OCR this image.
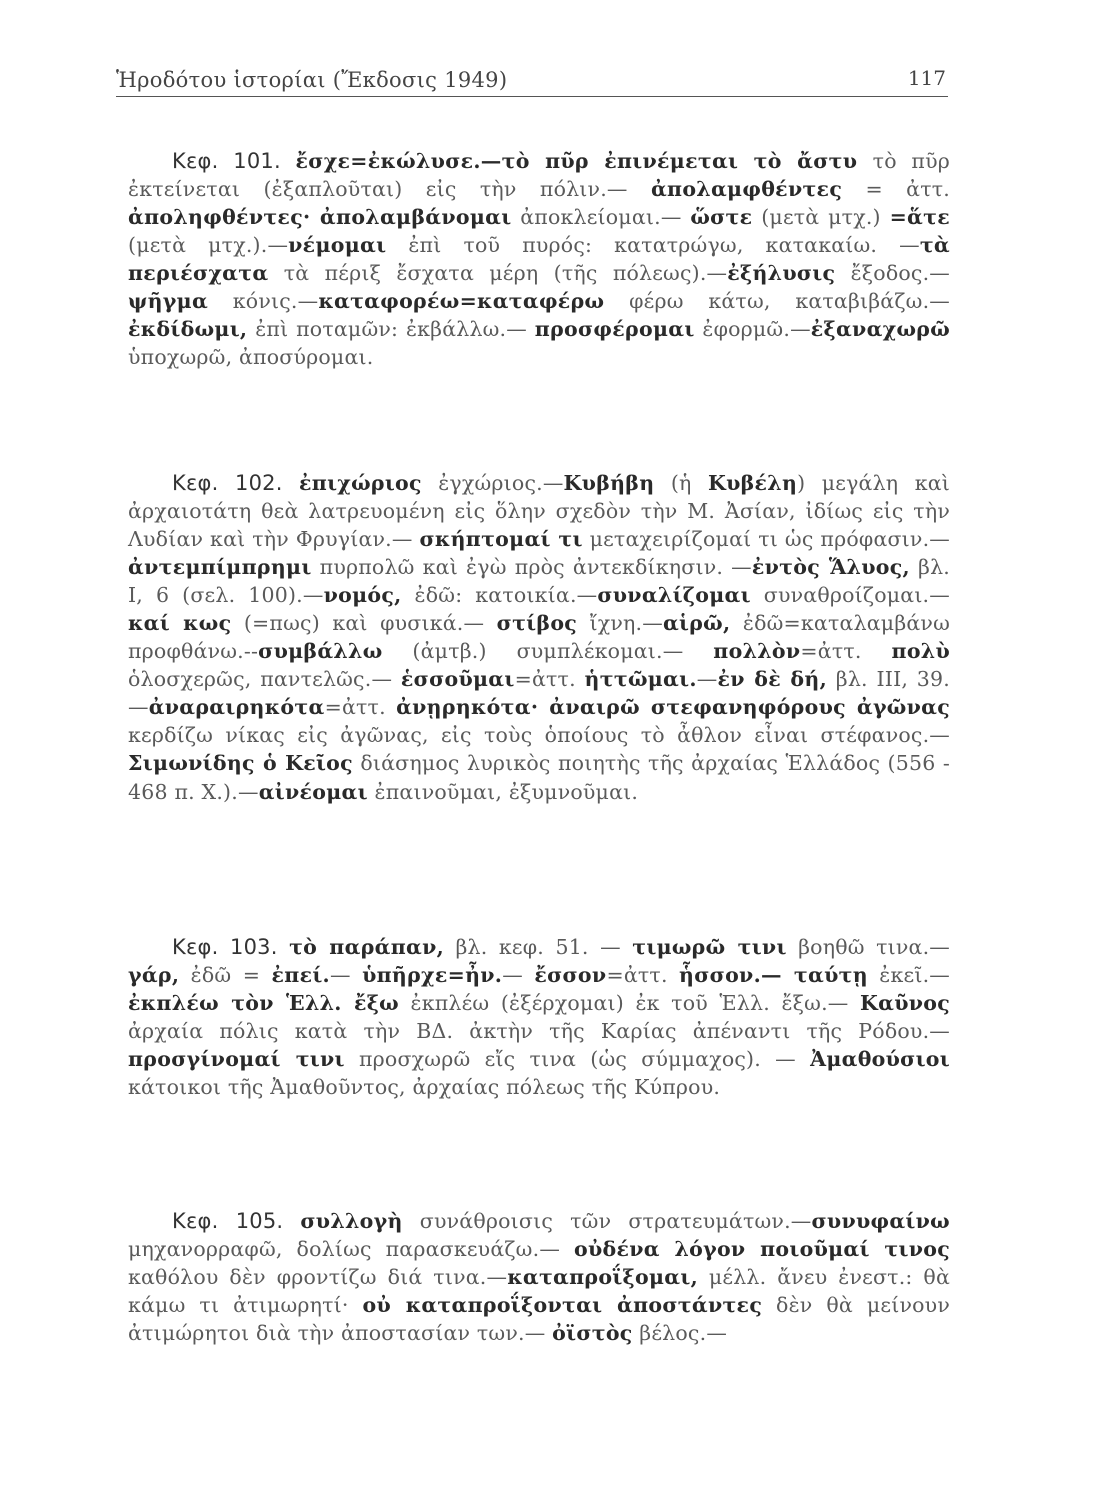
Ἡροδότου ἱστορίαι (Ἔκδοσις 1949)	117

Κεφ. 101. ἔσχε=ἐκώλυσε.—τὸ πῦρ ἐπινέμεται τὸ ἄστυ τὸ πῦρ ἐκτείνεται (ἐξαπλοῦται) εἰς τὴν πόλιν.— ἀπολαμφθέντες = ἀττ. ἀποληφθέντες· ἀπολαμβάνομαι ἀποκλείομαι.— ὥστε (μετὰ μτχ.) =ἅτε (μετὰ μτχ.).—νέμομαι ἐπὶ τοῦ πυρός: κατατρώγω, κατακαίω. —τὰ περιέσχατα τὰ πέριξ ἔσχατα μέρη (τῆς πόλεως).—ἐξήλυσις ἔξοδος.—ψῆγμα κόνις.—καταφορέω=καταφέρω φέρω κάτω, καταβιβάζω.— ἐκδίδωμι, ἐπὶ ποταμῶν: ἐκβάλλω.— προσφέρομαι ἐφορμῶ.—ἐξαναχωρῶ ὑποχωρῶ, ἀποσύρομαι.

Κεφ. 102. ἐπιχώριος ἐγχώριος.—Κυβήβη (ἡ Κυβέλη) μεγάλη καὶ ἀρχαιοτάτη θεὰ λατρευομένη εἰς ὅλην σχεδὸν τὴν Μ. Ἀσίαν, ἰδίως εἰς τὴν Λυδίαν καὶ τὴν Φρυγίαν.— σκήπτομαί τι μεταχειρίζομαί τι ὡς πρόφασιν.—ἀντεμπίμπρημι πυρπολῶ καὶ ἐγὼ πρὸς ἀντεκδίκησιν. —ἐντὸς Ἅλυος, βλ. I, 6 (σελ. 100).—νομός, ἐδῶ: κατοικία.—συναλίζομαι συναθροίζομαι.— καί κως (=πως) καὶ φυσικά.— στίβος ἴχνη.—αἱρῶ, ἐδῶ=καταλαμβάνω προφθάνω.--συμβάλλω (ἀμτβ.) συμπλέκομαι.— πολλὸν=ἀττ. πολὺ ὁλοσχερῶς, παντελῶς.— ἑσσοῦμαι=ἀττ. ἡττῶμαι.—ἐν δὲ δή, βλ. III, 39.—ἀναραιρηκότα=ἀττ. ἀνῃρηκότα· ἀναιρῶ στεφανηφόρους ἀγῶνας κερδίζω νίκας εἰς ἀγῶνας, εἰς τοὺς ὁποίους τὸ ἆθλον εἶναι στέφανος.— Σιμωνίδης ὁ Κεῖος διάσημος λυρικὸς ποιητὴς τῆς ἀρχαίας Ἑλλάδος (556 - 468 π. Χ.).—αἰνέομαι ἐπαινοῦμαι, ἐξυμνοῦμαι.

Κεφ. 103. τὸ παράπαν, βλ. κεφ. 51. — τιμωρῶ τινι βοηθῶ τινα.— γάρ, ἐδῶ = ἐπεί.— ὑπῆρχε=ἦν.— ἔσσον=ἀττ. ἧσσον.— ταύτῃ ἐκεῖ.— ἐκπλέω τὸν Ἑλλ. ἔξω ἐκπλέω (ἐξέρχομαι) ἐκ τοῦ Ἑλλ. ἔξω.— Καῦνος ἀρχαία πόλις κατὰ τὴν ΒΔ. ἀκτὴν τῆς Καρίας ἀπέναντι τῆς Ρόδου.—προσγίνομαί τινι προσχωρῶ εἴς τινα (ὡς σύμμαχος). — Ἀμαθούσιοι κάτοικοι τῆς Ἀμαθοῦντος, ἀρχαίας πόλεως τῆς Κύπρου.

Κεφ. 105. συλλογὴ συνάθροισις τῶν στρατευμάτων.—συνυφαίνω μηχανορραφῶ, δολίως παρασκευάζω.— οὐδένα λόγον ποιοῦμαί τινος καθόλου δὲν φροντίζω διά τινα.—καταπροΐξομαι, μέλλ. ἄνευ ἐνεστ.: θὰ κάμω τι ἀτιμωρητί· οὐ καταπροΐξονται ἀποστάντες δὲν θὰ μείνουν ἀτιμώρητοι διὰ τὴν ἀποστασίαν των.— ὀϊστὸς βέλος.—
